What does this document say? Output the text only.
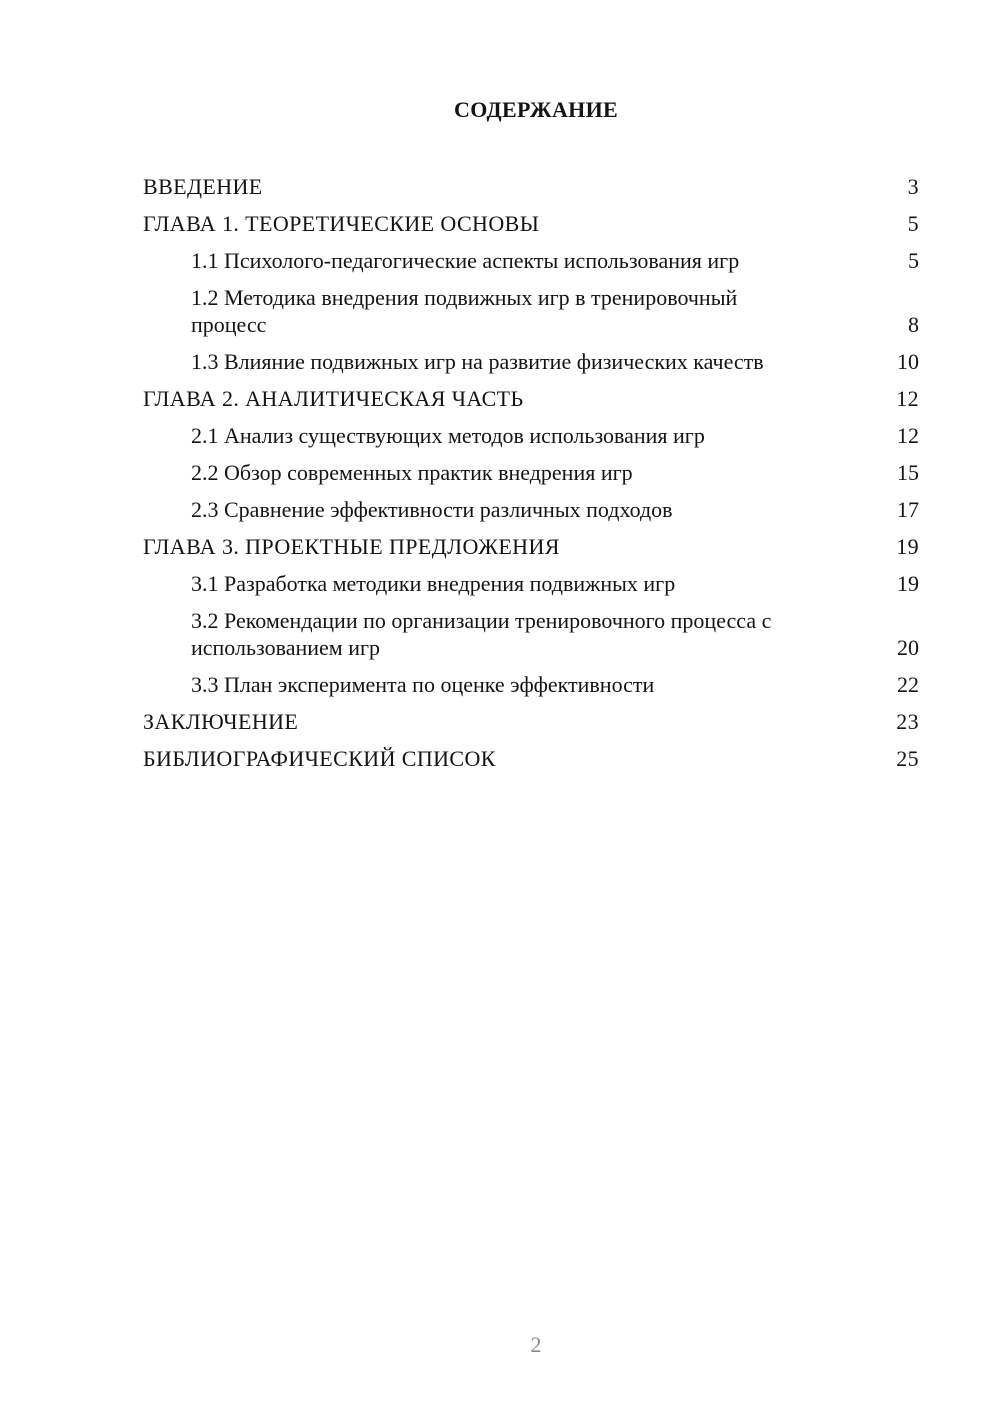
СОДЕРЖАНИЕ
ВВЕДЕНИЕ	3
ГЛАВА 1. ТЕОРЕТИЧЕСКИЕ ОСНОВЫ	5
1.1 Психолого-педагогические аспекты использования игр	5
1.2 Методика внедрения подвижных игр в тренировочный процесс	8
1.3 Влияние подвижных игр на развитие физических качеств	10
ГЛАВА 2. АНАЛИТИЧЕСКАЯ ЧАСТЬ	12
2.1 Анализ существующих методов использования игр	12
2.2 Обзор современных практик внедрения игр	15
2.3 Сравнение эффективности различных подходов	17
ГЛАВА 3. ПРОЕКТНЫЕ ПРЕДЛОЖЕНИЯ	19
3.1 Разработка методики внедрения подвижных игр	19
3.2 Рекомендации по организации тренировочного процесса с использованием игр	20
3.3 План эксперимента по оценке эффективности	22
ЗАКЛЮЧЕНИЕ	23
БИБЛИОГРАФИЧЕСКИЙ СПИСОК	25
2
